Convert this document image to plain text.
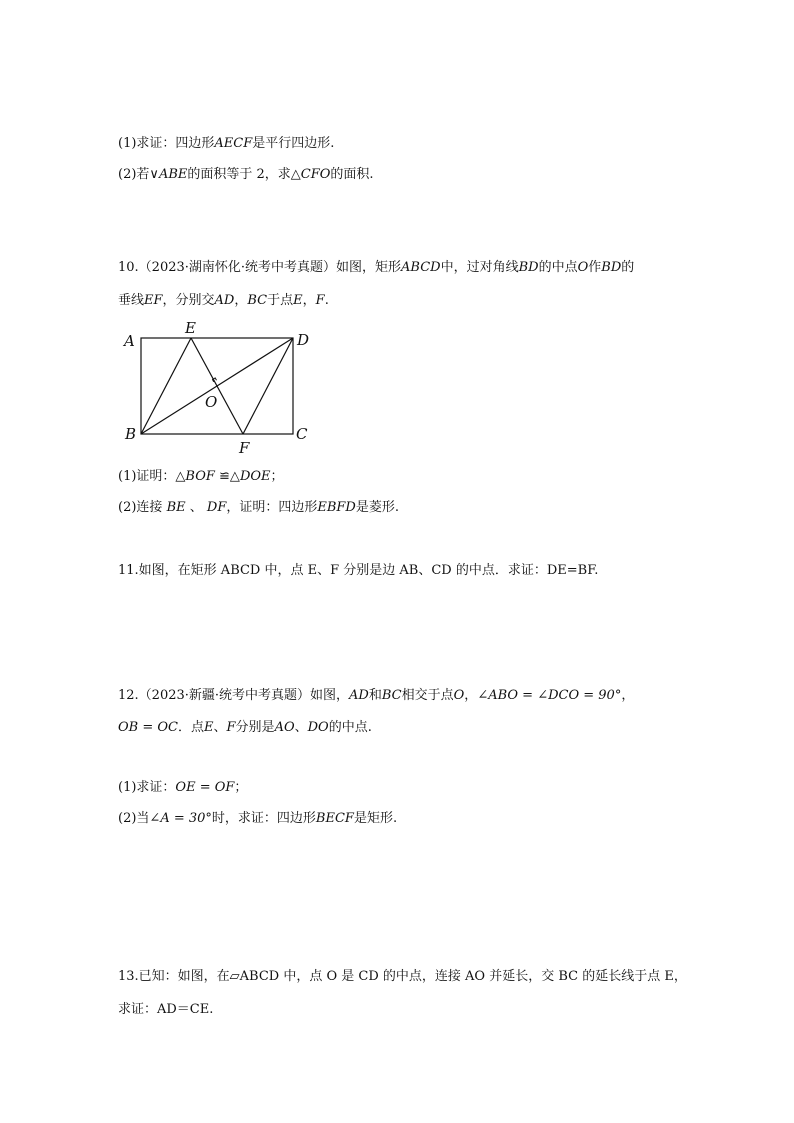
(1)求证：四边形AECF是平行四边形.
(2)若∨ABE的面积等于 2，求△CFO的面积.
10.（2023·湖南怀化·统考中考真题）如图，矩形ABCD中，过对角线BD的中点O作BD的
垂线EF，分别交AD，BC于点E，F.
A
E
D
O
B
F
C
(1)证明：△BOF ≌△DOE；
(2)连接 BE 、 DF，证明：四边形EBFD是菱形.
11.如图，在矩形 ABCD 中，点 E、F 分别是边 AB、CD 的中点．求证：DE=BF.
12.（2023·新疆·统考中考真题）如图，AD和BC相交于点O，∠ABO = ∠DCO = 90°，
OB = OC．点E、F分别是AO、DO的中点.
(1)求证：OE = OF；
(2)当∠A = 30°时，求证：四边形BECF是矩形.
13.已知：如图，在▱ABCD 中，点 O 是 CD 的中点，连接 AO 并延长，交 BC 的延长线于点 E，
求证：AD＝CE.
